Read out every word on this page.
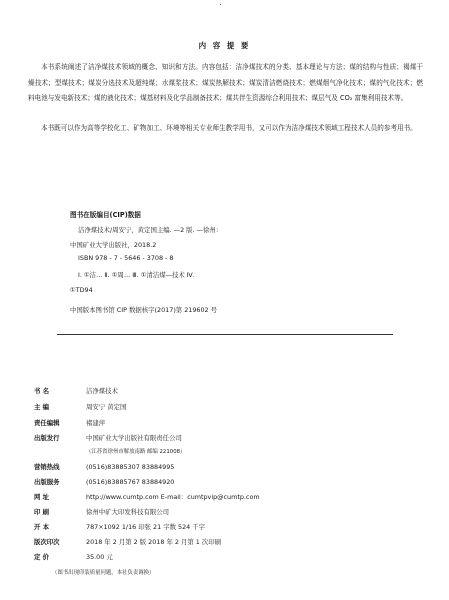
内 容 提 要
本书系统阐述了洁净煤技术领域的概念、知识和方法。内容包括：洁净煤技术的分类、基本理论与方法；煤的结构与性质；褐煤干燥技术；型煤技术；煤炭分选技术及超纯煤；水煤浆技术；煤炭热解技术；煤炭清洁燃烧技术；燃煤烟气净化技术；煤的气化技术；燃料电池与发电新技术；煤的液化技术；煤基材料及化学品制备技术；煤共伴生资源综合利用技术；煤层气及 CO₂ 富集利用技术等。
本书既可以作为高等学校化工、矿物加工、环境等相关专业师生教学用书，又可以作为洁净煤技术领域工程技术人员的参考用书。
图书在版编目(CIP)数据
洁净煤技术/周安宁，黄定国主编. —2 版. —徐州：
中国矿业大学出版社，2018.2
ISBN 978 - 7 - 5646 - 3708 - 8
Ⅰ. ①洁… Ⅱ. ①周… Ⅲ. ①清洁煤—技术 Ⅳ.
①TD94
中国版本图书馆 CIP 数据核字(2017)第 219602 号
书 名	洁净煤技术
主 编	周安宁 黄定国
责任编辑	褚建萍
出版发行	中国矿业大学出版社有限责任公司
（江苏省徐州市解放南路 邮编 221008）
营销热线	(0516)83885307 83884995
出版服务	(0516)83885767 83884920
网 址	http://www.cumtp.com E-mail：cumtpvip@cumtp.com
印 刷	徐州中矿大印发科技有限公司
开 本	787×1092 1/16 印张 21 字数 524 千字
版次印次	2018 年 2 月第 2 版 2018 年 2 月第 1 次印刷
定 价	35.00 元
（图书出现印装质量问题，本社负责调换）
